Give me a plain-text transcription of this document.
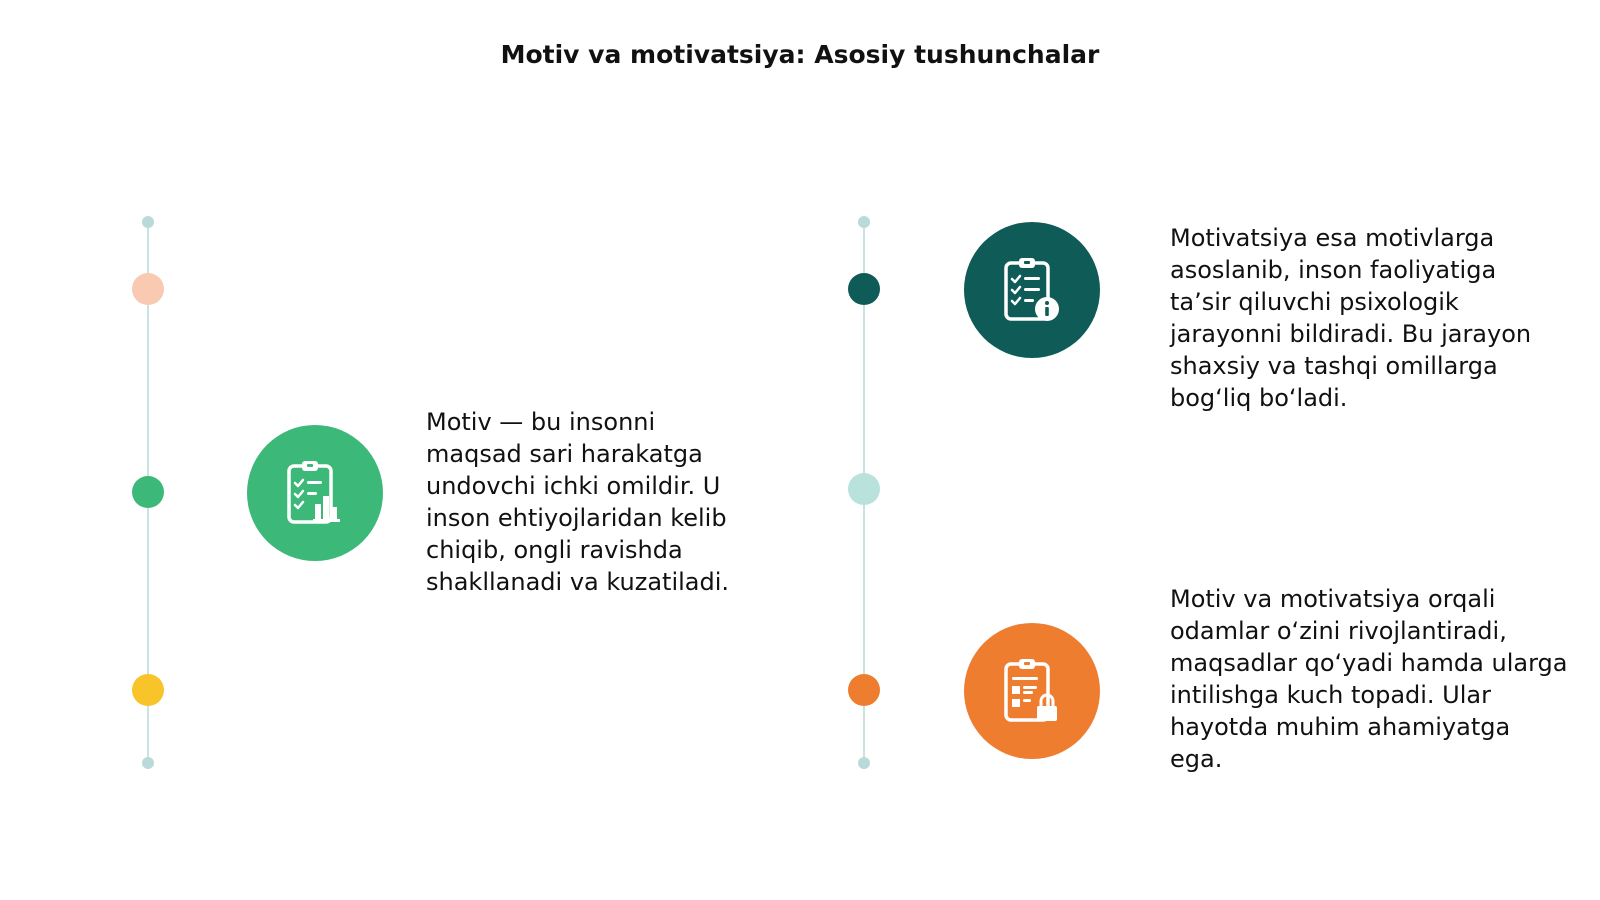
Motiv va motivatsiya: Asosiy tushunchalar

Motiv — bu insonni maqsad sari harakatga undovchi ichki omildir. U inson ehtiyojlaridan kelib chiqib, ongli ravishda shakllanadi va kuzatiladi.

Motivatsiya esa motivlarga asoslanib, inson faoliyatiga ta’sir qiluvchi psixologik jarayonni bildiradi. Bu jarayon shaxsiy va tashqi omillarga bog‘liq bo‘ladi.

Motiv va motivatsiya orqali odamlar o‘zini rivojlantiradi, maqsadlar qo‘yadi hamda ularga intilishga kuch topadi. Ular hayotda muhim ahamiyatga ega.
